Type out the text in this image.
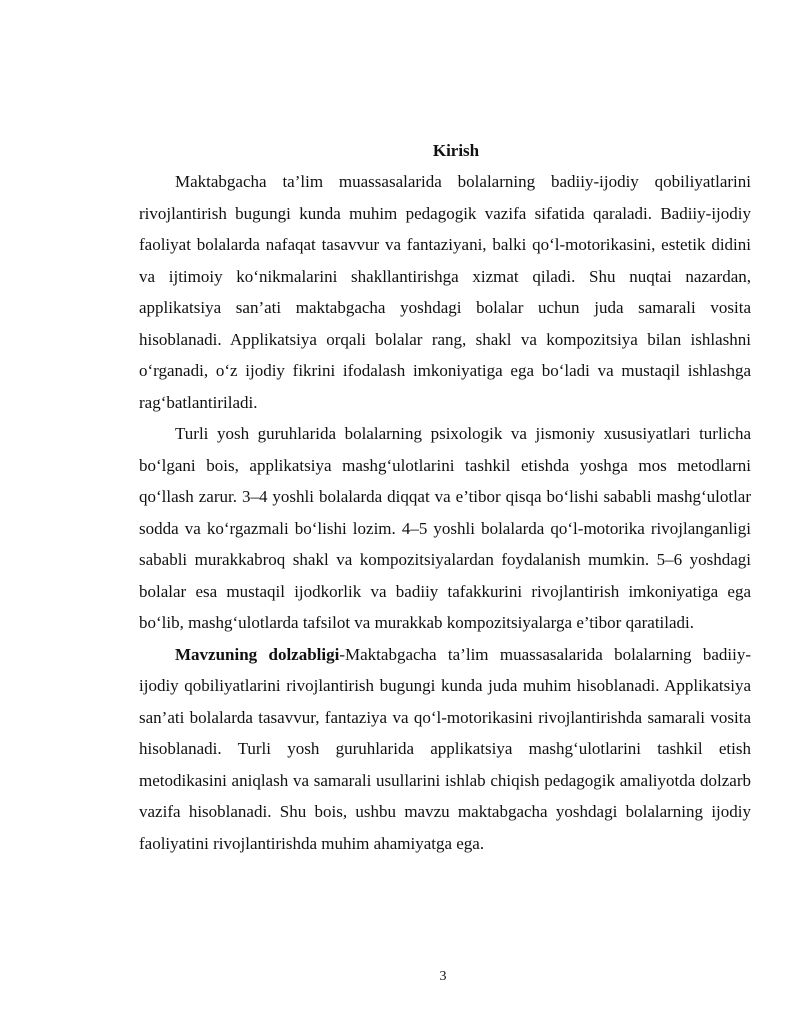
Kirish

Maktabgacha ta’lim muassasalarida bolalarning badiiy-ijodiy qobiliyatlarini rivojlantirish bugungi kunda muhim pedagogik vazifa sifatida qaraladi. Badiiy-ijodiy faoliyat bolalarda nafaqat tasavvur va fantaziyani, balki qo‘l-motorikasini, estetik didini va ijtimoiy ko‘nikmalarini shakllantirishga xizmat qiladi. Shu nuqtai nazardan, applikatsiya san’ati maktabgacha yoshdagi bolalar uchun juda samarali vosita hisoblanadi. Applikatsiya orqali bolalar rang, shakl va kompozitsiya bilan ishlashni o‘rganadi, o‘z ijodiy fikrini ifodalash imkoniyatiga ega bo‘ladi va mustaqil ishlashga rag‘batlantiriladi.

Turli yosh guruhlarida bolalarning psixologik va jismoniy xususiyatlari turlicha bo‘lgani bois, applikatsiya mashg‘ulotlarini tashkil etishda yoshga mos metodlarni qo‘llash zarur. 3–4 yoshli bolalarda diqqat va e’tibor qisqa bo‘lishi sababli mashg‘ulotlar sodda va ko‘rgazmali bo‘lishi lozim. 4–5 yoshli bolalarda qo‘l-motorika rivojlanganligi sababli murakkabroq shakl va kompozitsiyalardan foydalanish mumkin. 5–6 yoshdagi bolalar esa mustaqil ijodkorlik va badiiy tafakkurini rivojlantirish imkoniyatiga ega bo‘lib, mashg‘ulotlarda tafsilot va murakkab kompozitsiyalarga e’tibor qaratiladi.

Mavzuning dolzabligi-Maktabgacha ta’lim muassasalarida bolalarning badiiy-ijodiy qobiliyatlarini rivojlantirish bugungi kunda juda muhim hisoblanadi. Applikatsiya san’ati bolalarda tasavvur, fantaziya va qo‘l-motorikasini rivojlantirishda samarali vosita hisoblanadi. Turli yosh guruhlarida applikatsiya mashg‘ulotlarini tashkil etish metodikasini aniqlash va samarali usullarini ishlab chiqish pedagogik amaliyotda dolzarb vazifa hisoblanadi. Shu bois, ushbu mavzu maktabgacha yoshdagi bolalarning ijodiy faoliyatini rivojlantirishda muhim ahamiyatga ega.

3
